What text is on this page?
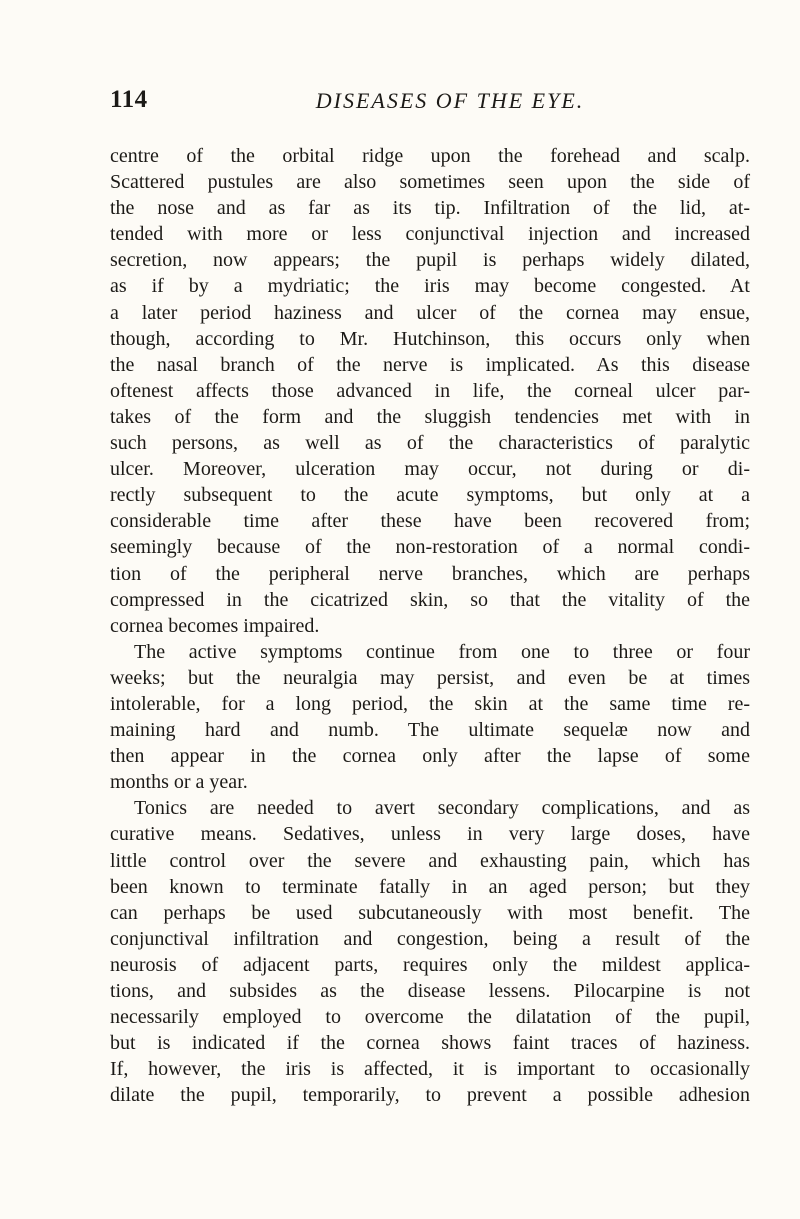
114	DISEASES OF THE EYE.
centre of the orbital ridge upon the forehead and scalp.
Scattered pustules are also sometimes seen upon the side of
the nose and as far as its tip. Infiltration of the lid, at-
tended with more or less conjunctival injection and increased
secretion, now appears; the pupil is perhaps widely dilated,
as if by a mydriatic; the iris may become congested. At
a later period haziness and ulcer of the cornea may ensue,
though, according to Mr. Hutchinson, this occurs only when
the nasal branch of the nerve is implicated. As this disease
oftenest affects those advanced in life, the corneal ulcer par-
takes of the form and the sluggish tendencies met with in
such persons, as well as of the characteristics of paralytic
ulcer. Moreover, ulceration may occur, not during or di-
rectly subsequent to the acute symptoms, but only at a
considerable time after these have been recovered from;
seemingly because of the non-restoration of a normal condi-
tion of the peripheral nerve branches, which are perhaps
compressed in the cicatrized skin, so that the vitality of the
cornea becomes impaired.
The active symptoms continue from one to three or four
weeks; but the neuralgia may persist, and even be at times
intolerable, for a long period, the skin at the same time re-
maining hard and numb. The ultimate sequelæ now and
then appear in the cornea only after the lapse of some
months or a year.
Tonics are needed to avert secondary complications, and as
curative means. Sedatives, unless in very large doses, have
little control over the severe and exhausting pain, which has
been known to terminate fatally in an aged person; but they
can perhaps be used subcutaneously with most benefit. The
conjunctival infiltration and congestion, being a result of the
neurosis of adjacent parts, requires only the mildest applica-
tions, and subsides as the disease lessens. Pilocarpine is not
necessarily employed to overcome the dilatation of the pupil,
but is indicated if the cornea shows faint traces of haziness.
If, however, the iris is affected, it is important to occasionally
dilate the pupil, temporarily, to prevent a possible adhesion
